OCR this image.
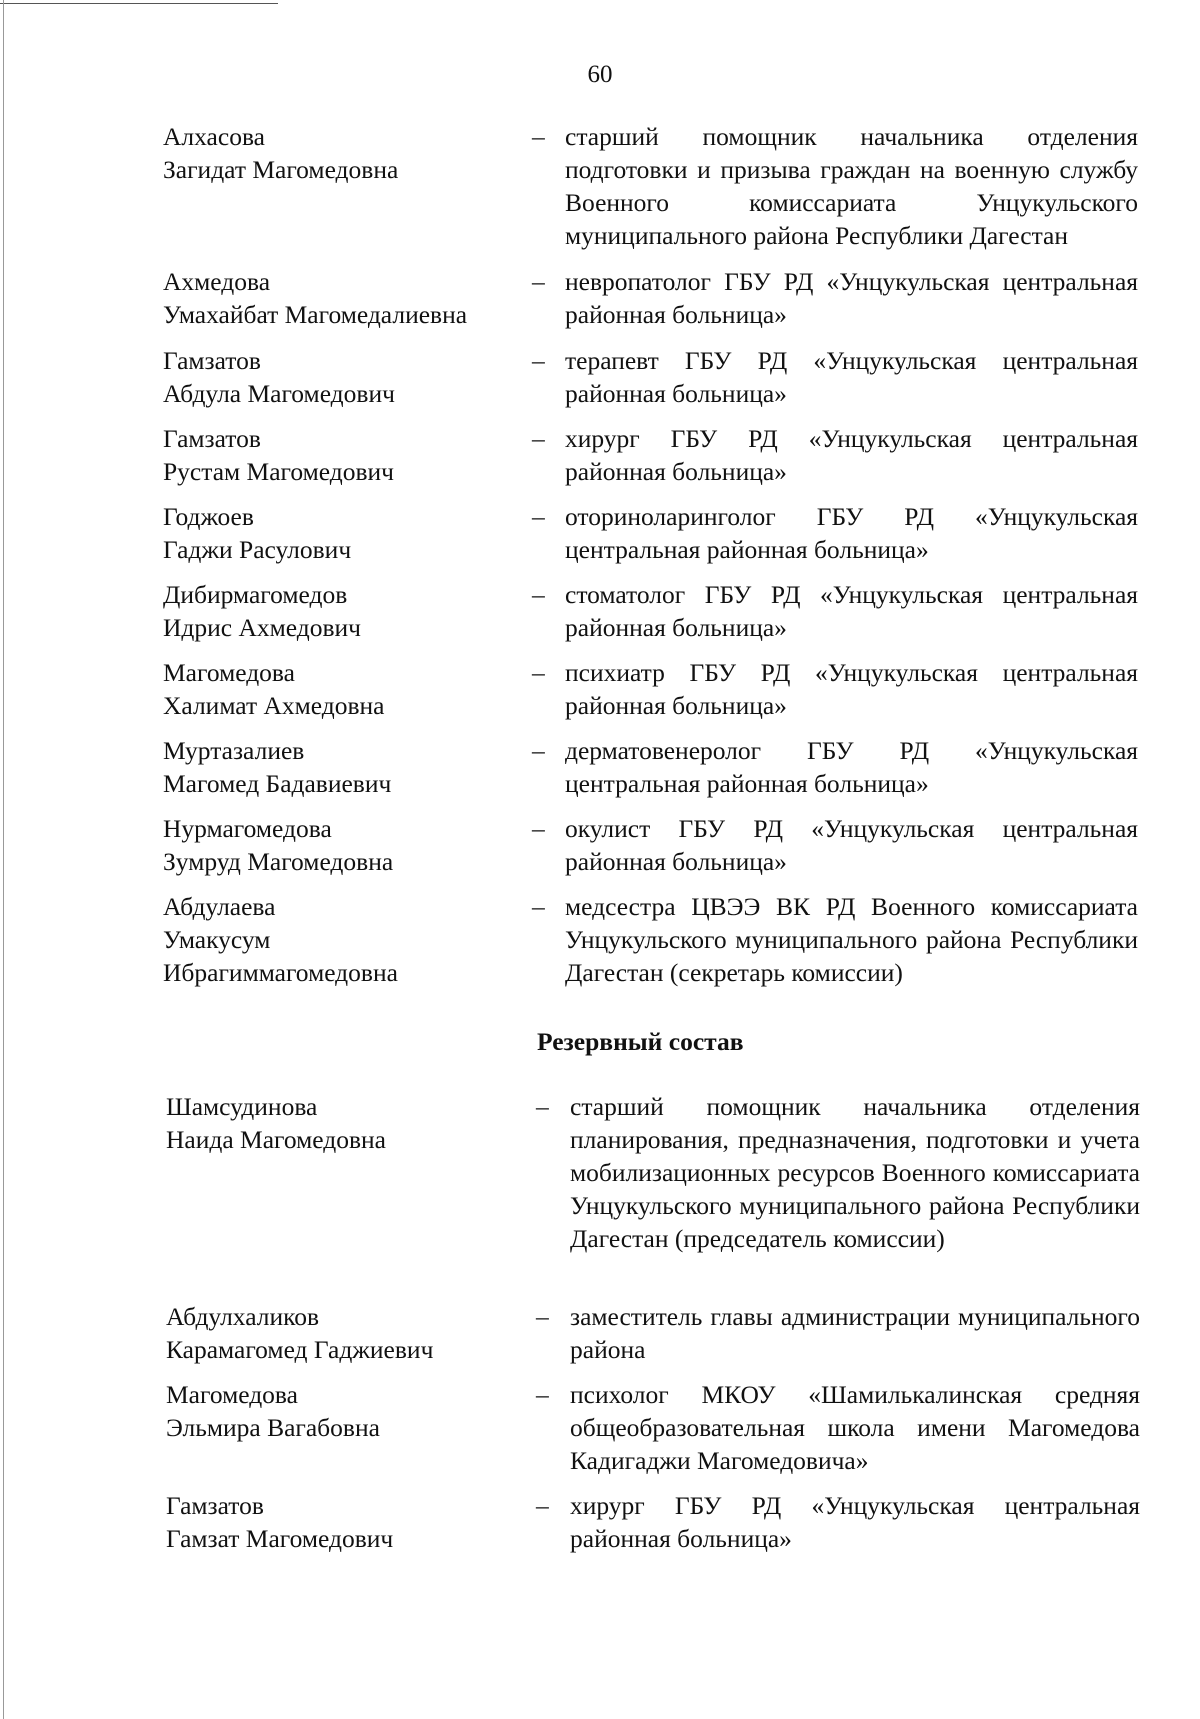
60
Алхасова
Загидат Магомедовна
– старший помощник начальника отделения подготовки и призыва граждан на военную службу Военного комиссариата Унцукульского муниципального района Республики Дагестан
Ахмедова
Умахайбат Магомедалиевна
– невропатолог ГБУ РД «Унцукульская центральная районная больница»
Гамзатов
Абдула Магомедович
– терапевт ГБУ РД «Унцукульская центральная районная больница»
Гамзатов
Рустам Магомедович
– хирург ГБУ РД «Унцукульская центральная районная больница»
Годжоев
Гаджи Расулович
– оториноларинголог ГБУ РД «Унцукульская центральная районная больница»
Дибирмагомедов
Идрис Ахмедович
– стоматолог ГБУ РД «Унцукульская центральная районная больница»
Магомедова
Халимат Ахмедовна
– психиатр ГБУ РД «Унцукульская центральная районная больница»
Муртазалиев
Магомед Бадавиевич
– дерматовенеролог ГБУ РД «Унцукульская центральная районная больница»
Нурмагомедова
Зумруд Магомедовна
– окулист ГБУ РД «Унцукульская центральная районная больница»
Абдулаева
Умакусум
Ибрагиммагомедовна
– медсестра ЦВЭЭ ВК РД Военного комиссариата Унцукульского муниципального района Республики Дагестан (секретарь комиссии)
Резервный состав
Шамсудинова
Наида Магомедовна
– старший помощник начальника отделения планирования, предназначения, подготовки и учета мобилизационных ресурсов Военного комиссариата Унцукульского муниципального района Республики Дагестан (председатель комиссии)
Абдулхаликов
Карамагомед Гаджиевич
– заместитель главы администрации муниципального района
Магомедова
Эльмира Вагабовна
– психолог МКОУ «Шамилькалинская средняя общеобразовательная школа имени Магомедова Кадигаджи Магомедовича»
Гамзатов
Гамзат Магомедович
– хирург ГБУ РД «Унцукульская центральная районная больница»
